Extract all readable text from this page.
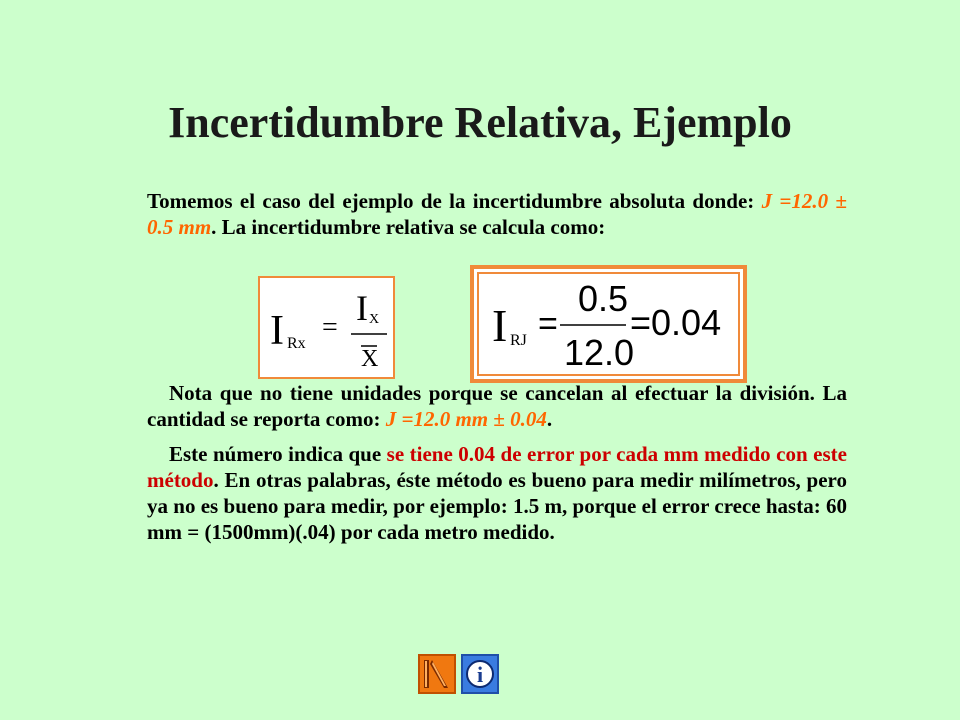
Incertidumbre Relativa, Ejemplo

Tomemos el caso del ejemplo de la incertidumbre absoluta donde: J =12.0 ± 0.5 mm. La incertidumbre relativa se calcula como:

I Rx
= I X
X
I RJ =
0.5
12.0
=0.04

Nota que no tiene unidades porque se cancelan al efectuar la división. La cantidad se reporta como: J =12.0 mm ± 0.04.

Este número indica que se tiene 0.04 de error por cada mm medido con este método. En otras palabras, éste método es bueno para medir milímetros, pero ya no es bueno para medir, por ejemplo: 1.5 m, porque el error crece hasta: 60 mm = (1500mm)(.04) por cada metro medido.

i
